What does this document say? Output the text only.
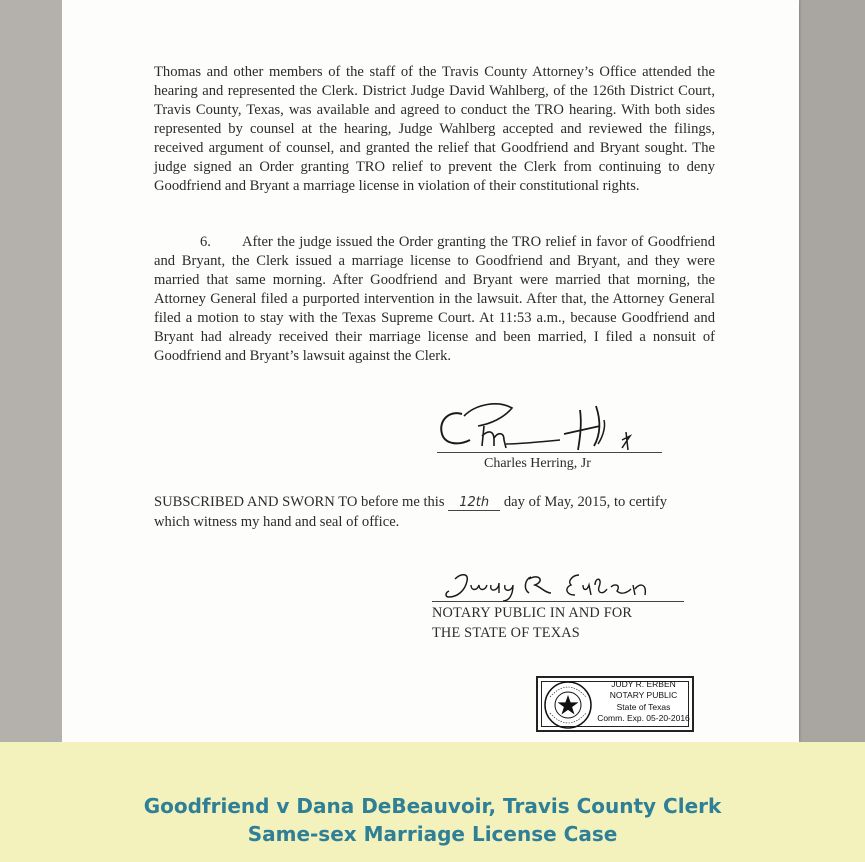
Thomas and other members of the staff of the Travis County Attorney’s Office attended the hearing and represented the Clerk. District Judge David Wahlberg, of the 126th District Court, Travis County, Texas, was available and agreed to conduct the TRO hearing. With both sides represented by counsel at the hearing, Judge Wahlberg accepted and reviewed the filings, received argument of counsel, and granted the relief that Goodfriend and Bryant sought. The judge signed an Order granting TRO relief to prevent the Clerk from continuing to deny Goodfriend and Bryant a marriage license in violation of their constitutional rights.

6. After the judge issued the Order granting the TRO relief in favor of Goodfriend and Bryant, the Clerk issued a marriage license to Goodfriend and Bryant, and they were married that same morning. After Goodfriend and Bryant were married that morning, the Attorney General filed a purported intervention in the lawsuit. After that, the Attorney General filed a motion to stay with the Texas Supreme Court. At 11:53 a.m., because Goodfriend and Bryant had already received their marriage license and been married, I filed a nonsuit of Goodfriend and Bryant’s lawsuit against the Clerk.

Charles Herring, Jr

SUBSCRIBED AND SWORN TO before me this 12th day of May, 2015, to certify
which witness my hand and seal of office.

NOTARY PUBLIC IN AND FOR
THE STATE OF TEXAS
JUDY R. ERBEN
NOTARY PUBLIC
State of Texas
Comm. Exp. 05-20-2016
Goodfriend v Dana DeBeauvoir, Travis County Clerk
Same-sex Marriage License Case
